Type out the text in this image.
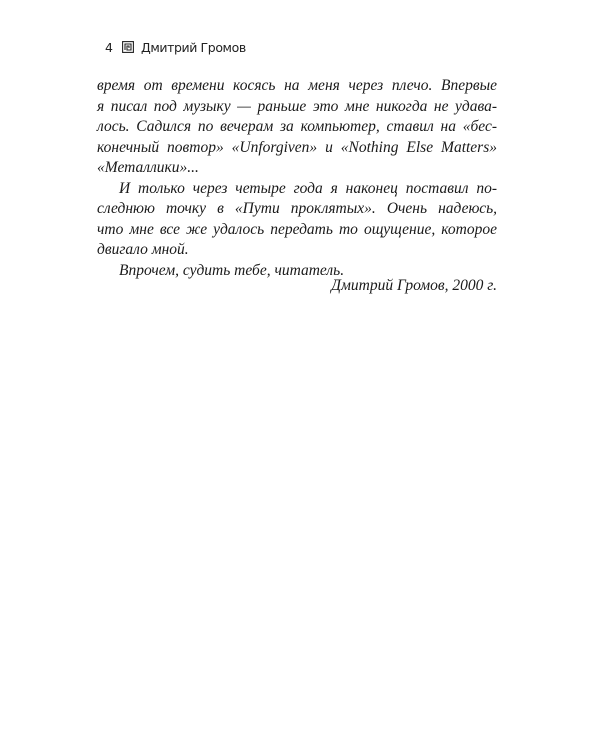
4	Дмитрий Громов

время от времени косясь на меня через плечо. Впервые
я писал под музыку — раньше это мне никогда не удава-
лось. Садился по вечерам за компьютер, ставил на «бес-
конечный повтор» «Unforgiven» и «Nothing Else Matters»
«Металлики»...

И только через четыре года я наконец поставил по-
следнюю точку в «Пути проклятых». Очень надеюсь,
что мне все же удалось передать то ощущение, которое
двигало мной.

Впрочем, судить тебе, читатель.

Дмитрий Громов, 2000 г.
